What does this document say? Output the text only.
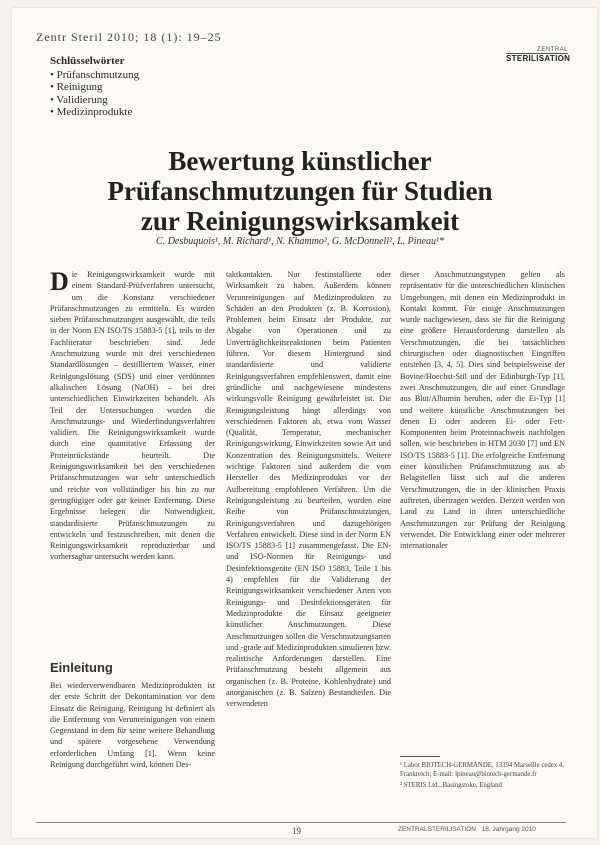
Zentr Steril 2010; 18 (1): 19–25
ZENTRAL
STERILISATION
Schlüsselwörter
• Prüfanschmutzung
• Reinigung
• Validierung
• Medizinprodukte
Bewertung künstlicher
Prüfanschmutzungen für Studien
zur Reinigungswirksamkeit
C. Desbuquois¹, M. Richard¹, N. Khammo², G. McDonnell², L. Pineau¹*
D ie Reinigungswirksamkeit wurde mit einem Standard-Prüfverfahren untersucht, um die Konstanz verschiedener Prüfanschmutzungen zu ermitteln. Es wurden sieben Prüfanschmutzungen ausgewählt, die teils in der Norm EN ISO/TS 15883-5 [1], teils in der Fachliteratur beschrieben sind. Jede Anschmutzung wurde mit drei verschiedenen Standardlösungen – destilliertem Wasser, einer Reinigungslösung (SDS) und einer verdünnten alkalischen Lösung (NaOH) – bei drei unterschiedlichen Einwirkzeiten behandelt. Als Teil der Untersuchungen wurden die Anschmutzungs- und Wiederfindungsverfahren validiert. Die Reinigungswirksamkeit wurde durch eine quantitative Erfassung der Proteinrückstände beurteilt. Die Reinigungswirksamkeit bei den verschiedenen Prüfanschmutzungen war sehr unterschiedlich und reichte von vollständiger bis hin zu nur geringfügiger oder gar keiner Entfernung. Diese Ergebnisse belegen die Notwendigkeit, standardisierte Prüfanschmutzungen zu entwickeln und festzuschreiben, mit denen die Reinigungswirksamkeit reproduzierbar und vorhersagbar untersucht werden kann.

Einleitung
Bei wiederverwendbaren Medizinprodukten ist der erste Schritt der Dekontamination vor dem Einsatz die Reinigung. Reinigung ist definiert als die Entfernung von Verunreinigungen von einem Gegenstand in dem für seine weitere Behandlung und spätere vorgesehene Verwendung erforderlichen Umfang [1]. Wenn keine Reinigung durchgeführt wird, können Des-

taktkontakten. Nur festinstallierte oder Wirksamkeit zu haben. Außerdem können Verunreinigungen auf Medizinprodukten zu Schäden an den Produkten (z. B. Korrosion), Problemen beim Einsatz der Produkte, zur Abgabe von Operationen und zu Unverträglichkeitsreaktionen beim Patienten führen. Vor diesem Hintergrund sind standardisierte und validierte Reinigungsverfahren empfehlenswert, damit eine gründliche und nachgewiesene mindestens wirkungsvolle Reinigung gewährleistet ist. Die Reinigungsleistung hängt allerdings von verschiedenen Faktoren ab, etwa vom Wasser (Qualität, Temperatur, mechanischer Reinigungswirkung, Einwirkzeiten sowie Art und Konzentration des Reinigungsmittels. Weitere wichtige Faktoren sind außerdem die vom Hersteller des Medizinprodukts vor der Aufbereitung empfohlenen Verfahren. Um die Reinigungsleistung zu beurteilen, wurden eine Reihe von Prüfanschmutzungen, Reinigungsverfahren und dazugehörigen Verfahren entwickelt. Diese sind in der Norm EN ISO/TS 15883-5 [1] zusammengefasst. Die EN- und ISO-Normen für Reinigungs- und Desinfektionsgeräte (EN ISO 15883, Teile 1 bis 4) empfehlen für die Validierung der Reinigungswirksamkeit verschiedener Arten von Reinigungs- und Desinfektionsgeräten für Medizinprodukte die Einsatz geeigneter künstlicher Anschmutzungen. Diese Anschmutzungen sollen die Verschmutzungsarten und -grade auf Medizinprodukten simulieren bzw. realistische Anforderungen darstellen. Eine Prüfanschmutzung besteht allgemein aus organischen (z. B. Proteine, Kohlenhydrate) und anorganischen (z. B. Salzen) Bestandteilen. Die verwendeten

dieser Anschmutzungstypen gelten als repräsentativ für die unterschiedlichen klinischen Umgebungen, mit denen ein Medizinprodukt in Kontakt kommt. Für einige Anschmutzungen wurde nachgewiesen, dass sie für die Reinigung eine größere Herausforderung darstellen als Verschmutzungen, die bei tatsächlichen chirurgischen oder diagnostischen Eingriffen entstehen [3, 4, 5]. Dies sind beispielsweise der Bovine/Hoechst-Stil und der Edinburgh-Typ [1], zwei Anschmutzungen, die auf einer Grundlage aus Blut/Albumin beruhen, oder die Ei-Typ [1] und weitere künstliche Anschmutzungen bei denen Ei oder anderen Ei- oder Fett-Komponenten beim Proteinnachweis nachfolgen sollen, wie beschrieben in HTM 2030 [7] und EN ISO/TS 15883-5 [1]. Die erfolgreiche Entfernung einer künstlichen Prüfanschmutzung aus ab Belagstellen lässt sich auf die anderen Verschmutzungen, die in der klinischen Praxis auftreten, übertragen werden. Derzeit werden von Land zu Land in ihren unterschiedliche Anschmutzungen zur Prüfung der Reinigung verwendet. Die Entwicklung einer oder mehrerer internationaler

¹ Labor BIOTECH-GERMANDE, 13394 Marseille cedex 4, Frankreich; E-mail: lpineau@biotech-germande.fr
² STERIS Ltd., Basingstoke, England
19	ZENTRALSTERILISATION · 18. Jahrgang 2010
